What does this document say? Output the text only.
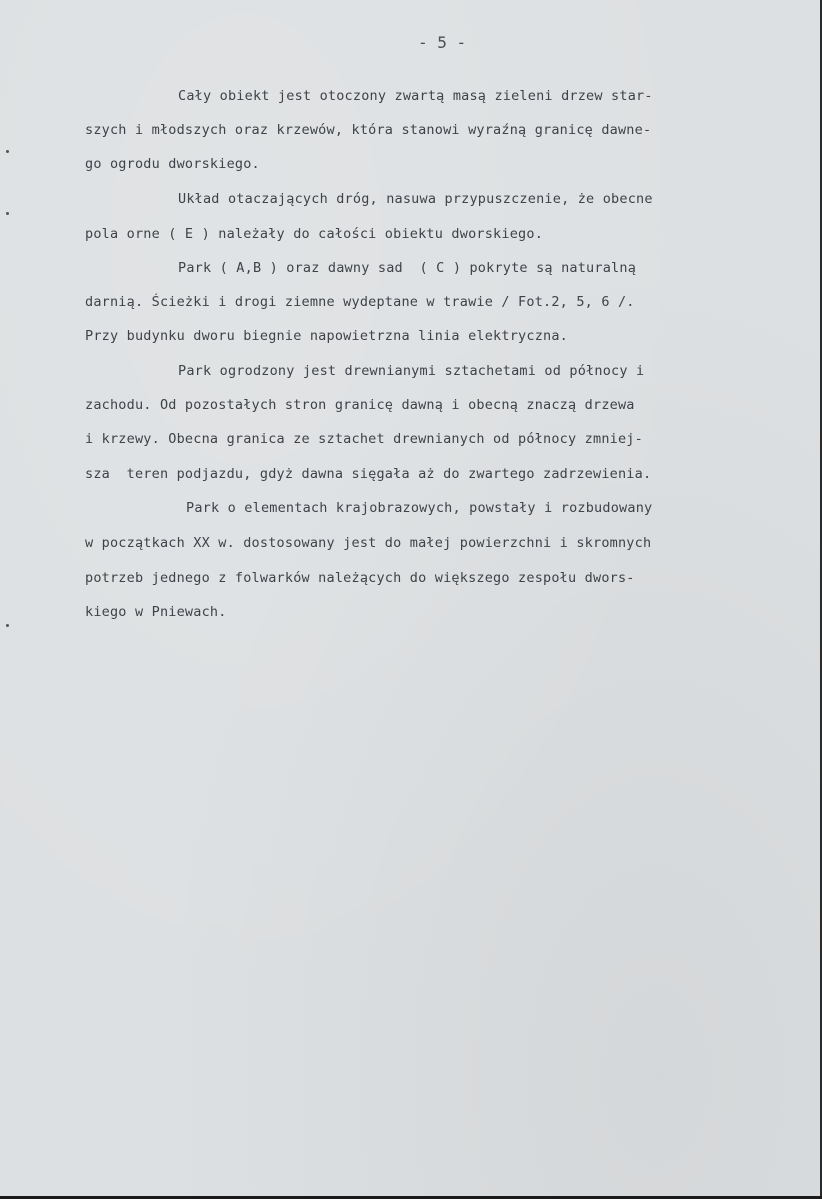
- 5 -
Cały obiekt jest otoczony zwartą masą zieleni drzew star-
szych i młodszych oraz krzewów, która stanowi wyraźną granicę dawne-
go ogrodu dworskiego.
Układ otaczających dróg, nasuwa przypuszczenie, że obecne
pola orne ( E ) należały do całości obiektu dworskiego.
Park ( A,B ) oraz dawny sad  ( C ) pokryte są naturalną
darnią. Ścieżki i drogi ziemne wydeptane w trawie / Fot.2, 5, 6 /.
Przy budynku dworu biegnie napowietrzna linia elektryczna.
Park ogrodzony jest drewnianymi sztachetami od północy i
zachodu. Od pozostałych stron granicę dawną i obecną znaczą drzewa
i krzewy. Obecna granica ze sztachet drewnianych od północy zmniej-
sza  teren podjazdu, gdyż dawna sięgała aż do zwartego zadrzewienia.
Park o elementach krajobrazowych, powstały i rozbudowany
w początkach XX w. dostosowany jest do małej powierzchni i skromnych
potrzeb jednego z folwarków należących do większego zespołu dwors-
kiego w Pniewach.
